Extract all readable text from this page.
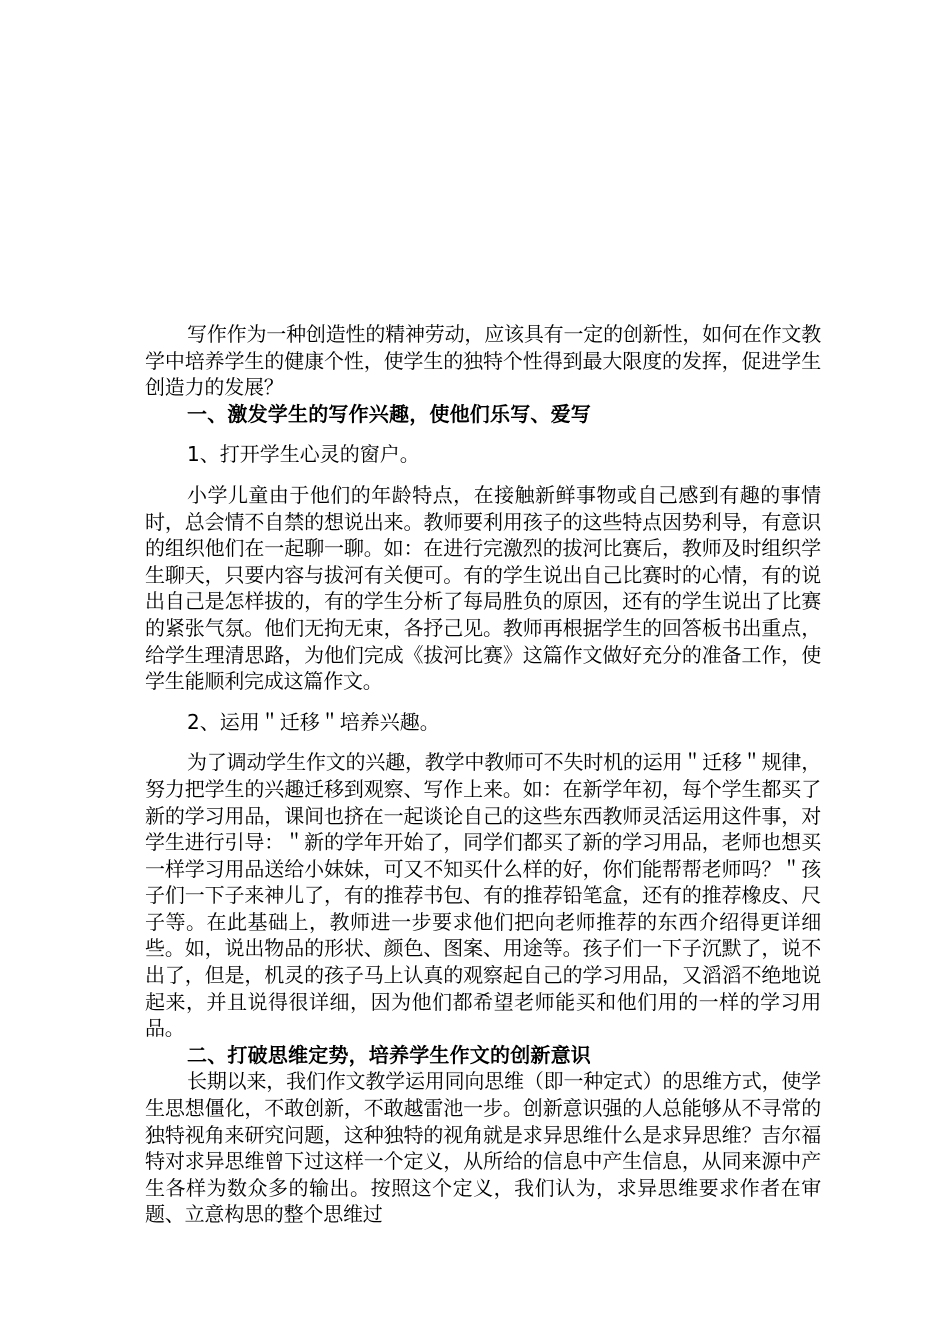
写作作为一种创造性的精神劳动，应该具有一定的创新性，如何在作文教学中培养学生的健康个性，使学生的独特个性得到最大限度的发挥，促进学生创造力的发展？

一、激发学生的写作兴趣，使他们乐写、爱写

1、打开学生心灵的窗户。

小学儿童由于他们的年龄特点，在接触新鲜事物或自己感到有趣的事情时，总会情不自禁的想说出来。教师要利用孩子的这些特点因势利导，有意识的组织他们在一起聊一聊。如：在进行完激烈的拔河比赛后，教师及时组织学生聊天，只要内容与拔河有关便可。有的学生说出自己比赛时的心情，有的说出自己是怎样拔的，有的学生分析了每局胜负的原因，还有的学生说出了比赛的紧张气氛。他们无拘无束，各抒己见。教师再根据学生的回答板书出重点，给学生理清思路，为他们完成《拔河比赛》这篇作文做好充分的准备工作，使学生能顺利完成这篇作文。

2、运用＂迁移＂培养兴趣。

为了调动学生作文的兴趣，教学中教师可不失时机的运用＂迁移＂规律，努力把学生的兴趣迁移到观察、写作上来。如：在新学年初，每个学生都买了新的学习用品，课间也挤在一起谈论自己的这些东西教师灵活运用这件事，对学生进行引导：＂新的学年开始了，同学们都买了新的学习用品，老师也想买一样学习用品送给小妹妹，可又不知买什么样的好，你们能帮帮老师吗？＂孩子们一下子来神儿了，有的推荐书包、有的推荐铅笔盒，还有的推荐橡皮、尺子等。在此基础上，教师进一步要求他们把向老师推荐的东西介绍得更详细些。如，说出物品的形状、颜色、图案、用途等。孩子们一下子沉默了，说不出了，但是，机灵的孩子马上认真的观察起自己的学习用品，又滔滔不绝地说起来，并且说得很详细，因为他们都希望老师能买和他们用的一样的学习用品。

二、打破思维定势，培养学生作文的创新意识

长期以来，我们作文教学运用同向思维（即一种定式）的思维方式，使学生思想僵化，不敢创新，不敢越雷池一步。创新意识强的人总能够从不寻常的独特视角来研究问题，这种独特的视角就是求异思维什么是求异思维？吉尔福特对求异思维曾下过这样一个定义，从所给的信息中产生信息，从同来源中产生各样为数众多的输出。按照这个定义，我们认为，求异思维要求作者在审题、立意构思的整个思维过
